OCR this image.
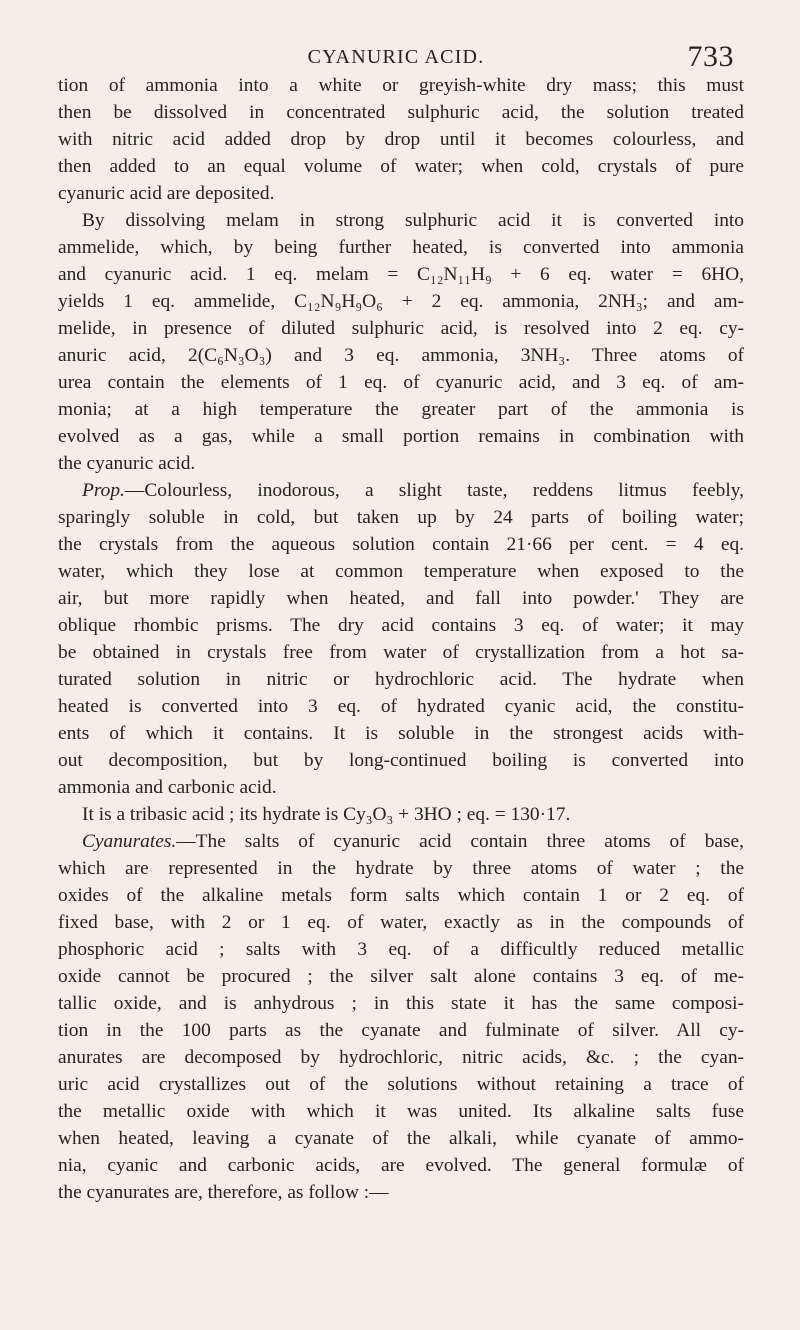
CYANURIC ACID.	733

tion of ammonia into a white or greyish-white dry mass; this must
then be dissolved in concentrated sulphuric acid, the solution treated
with nitric acid added drop by drop until it becomes colourless, and
then added to an equal volume of water; when cold, crystals of pure
cyanuric acid are deposited.

By dissolving melam in strong sulphuric acid it is converted into
ammelide, which, by being further heated, is converted into ammonia
and cyanuric acid. 1 eq. melam = C₁₂N₁₁H₉ + 6 eq. water = 6HO,
yields 1 eq. ammelide, C₁₂N₉H₉O₆ + 2 eq. ammonia, 2NH₃; and am-
melide, in presence of diluted sulphuric acid, is resolved into 2 eq. cy-
anuric acid, 2(C₆N₃O₃) and 3 eq. ammonia, 3NH₃. Three atoms of
urea contain the elements of 1 eq. of cyanuric acid, and 3 eq. of am-
monia; at a high temperature the greater part of the ammonia is
evolved as a gas, while a small portion remains in combination with
the cyanuric acid.

Prop.—Colourless, inodorous, a slight taste, reddens litmus feebly,
sparingly soluble in cold, but taken up by 24 parts of boiling water;
the crystals from the aqueous solution contain 21·66 per cent. = 4 eq.
water, which they lose at common temperature when exposed to the
air, but more rapidly when heated, and fall into powder.' They are
oblique rhombic prisms. The dry acid contains 3 eq. of water; it may
be obtained in crystals free from water of crystallization from a hot sa-
turated solution in nitric or hydrochloric acid. The hydrate when
heated is converted into 3 eq. of hydrated cyanic acid, the constitu-
ents of which it contains. It is soluble in the strongest acids with-
out decomposition, but by long-continued boiling is converted into
ammonia and carbonic acid.

It is a tribasic acid ; its hydrate is Cy₃O₃ + 3HO ; eq. = 130·17.

Cyanurates.—The salts of cyanuric acid contain three atoms of base,
which are represented in the hydrate by three atoms of water ; the
oxides of the alkaline metals form salts which contain 1 or 2 eq. of
fixed base, with 2 or 1 eq. of water, exactly as in the compounds of
phosphoric acid ; salts with 3 eq. of a difficultly reduced metallic
oxide cannot be procured ; the silver salt alone contains 3 eq. of me-
tallic oxide, and is anhydrous ; in this state it has the same composi-
tion in the 100 parts as the cyanate and fulminate of silver. All cy-
anurates are decomposed by hydrochloric, nitric acids, &c. ; the cyan-
uric acid crystallizes out of the solutions without retaining a trace of
the metallic oxide with which it was united. Its alkaline salts fuse
when heated, leaving a cyanate of the alkali, while cyanate of ammo-
nia, cyanic and carbonic acids, are evolved. The general formulæ of
the cyanurates are, therefore, as follow :—
